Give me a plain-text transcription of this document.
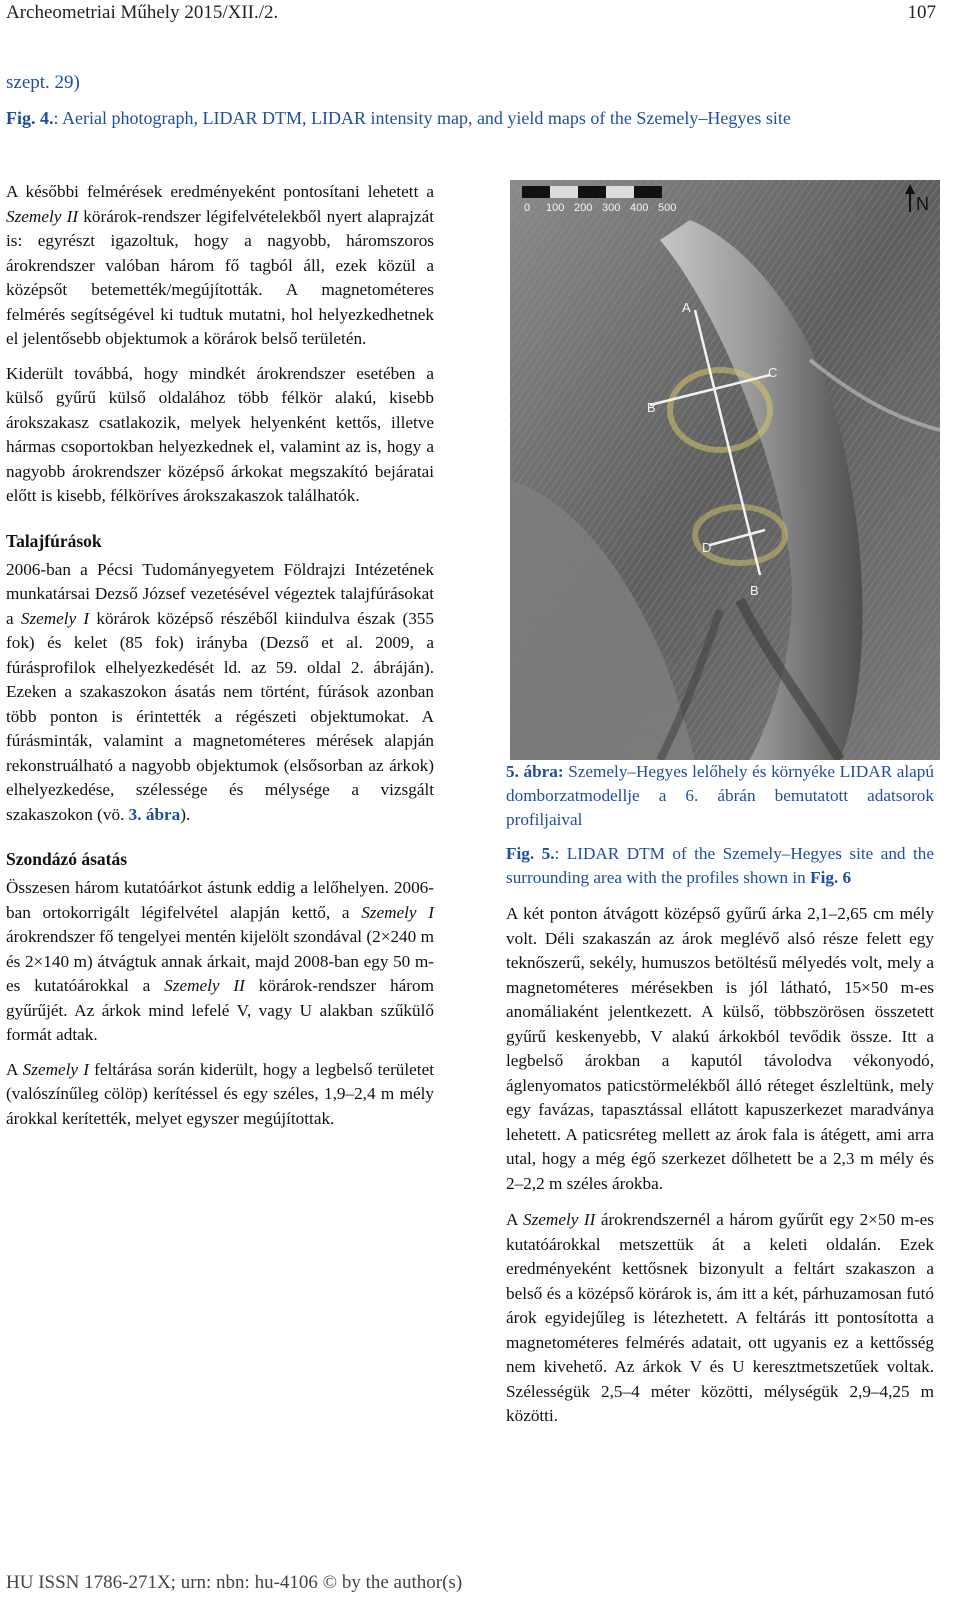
Archeometriai Műhely 2015/XII./2.	107
szept. 29)
Fig. 4.: Aerial photograph, LIDAR DTM, LIDAR intensity map, and yield maps of the Szemely–Hegyes site

A későbbi felmérések eredményeként pontosítani lehetett a Szemely II körárok-rendszer légifelvételekből nyert alaprajzát is: egyrészt igazoltuk, hogy a nagyobb, háromszoros árokrendszer valóban három fő tagból áll, ezek közül a középsőt betemették/megújították. A magnetométeres felmérés segítségével ki tudtuk mutatni, hol helyezkedhetnek el jelentősebb objektumok a körárok belső területén.

Kiderült továbbá, hogy mindkét árokrendszer esetében a külső gyűrű külső oldalához több félkör alakú, kisebb árokszakasz csatlakozik, melyek helyenként kettős, illetve hármas csoportokban helyezkednek el, valamint az is, hogy a nagyobb árokrendszer középső árkokat megszakító bejáratai előtt is kisebb, félköríves árokszakaszok találhatók.

Talajfúrások

2006-ban a Pécsi Tudományegyetem Földrajzi Intézetének munkatársai Dezső József vezetésével végeztek talajfúrásokat a Szemely I körárok középső részéből kiindulva észak (355 fok) és kelet (85 fok) irányba (Dezső et al. 2009, a fúrásprofilok elhelyezkedését ld. az 59. oldal 2. ábráján). Ezeken a szakaszokon ásatás nem történt, fúrások azonban több ponton is érintették a régészeti objektumokat. A fúrásminták, valamint a magnetométeres mérések alapján rekonstruálható a nagyobb objektumok (elsősorban az árkok) elhelyezkedése, szélessége és mélysége a vizsgált szakaszokon (vö. 3. ábra).

Szondázó ásatás

Összesen három kutatóárkot ástunk eddig a lelőhelyen. 2006-ban ortokorrigált légifelvétel alapján kettő, a Szemely I árokrendszer fő tengelyei mentén kijelölt szondával (2×240 m és 2×140 m) átvágtuk annak árkait, majd 2008-ban egy 50 m-es kutatóárokkal a Szemely II körárok-rendszer három gyűrűjét. Az árkok mind lefelé V, vagy U alakban szűkülő formát adtak.

A Szemely I feltárása során kiderült, hogy a legbelső területet (valószínűleg cölöp) kerítéssel és egy széles, 1,9–2,4 m mély árokkal kerítették, melyet egyszer megújítottak.

0 100 200 300 400 500	N
A
B
C
D
B

5. ábra: Szemely–Hegyes lelőhely és környéke LIDAR alapú domborzatmodellje a 6. ábrán bemutatott adatsorok profiljaival

Fig. 5.: LIDAR DTM of the Szemely–Hegyes site and the surrounding area with the profiles shown in Fig. 6

A két ponton átvágott középső gyűrű árka 2,1–2,65 cm mély volt. Déli szakaszán az árok meglévő alsó része felett egy teknőszerű, sekély, humuszos betöltésű mélyedés volt, mely a magnetométeres mérésekben is jól látható, 15×50 m-es anomáliaként jelentkezett. A külső, többszörösen összetett gyűrű keskenyebb, V alakú árkokból tevődik össze. Itt a legbelső árokban a kaputól távolodva vékonyodó, áglenyomatos paticstörmelékből álló réteget észleltünk, mely egy favázas, tapasztással ellátott kapuszerkezet maradványa lehetett. A paticsréteg mellett az árok fala is átégett, ami arra utal, hogy a még égő szerkezet dőlhetett be a 2,3 m mély és 2–2,2 m széles árokba.

A Szemely II árokrendszernél a három gyűrűt egy 2×50 m-es kutatóárokkal metszettük át a keleti oldalán. Ezek eredményeként kettősnek bizonyult a feltárt szakaszon a belső és a középső körárok is, ám itt a két, párhuzamosan futó árok egyidejűleg is létezhetett. A feltárás itt pontosította a magnetométeres felmérés adatait, ott ugyanis ez a kettősség nem kivehető. Az árkok V és U keresztmetszetűek voltak. Szélességük 2,5–4 méter közötti, mélységük 2,9–4,25 m közötti.

HU ISSN 1786-271X; urn: nbn: hu-4106 © by the author(s)
